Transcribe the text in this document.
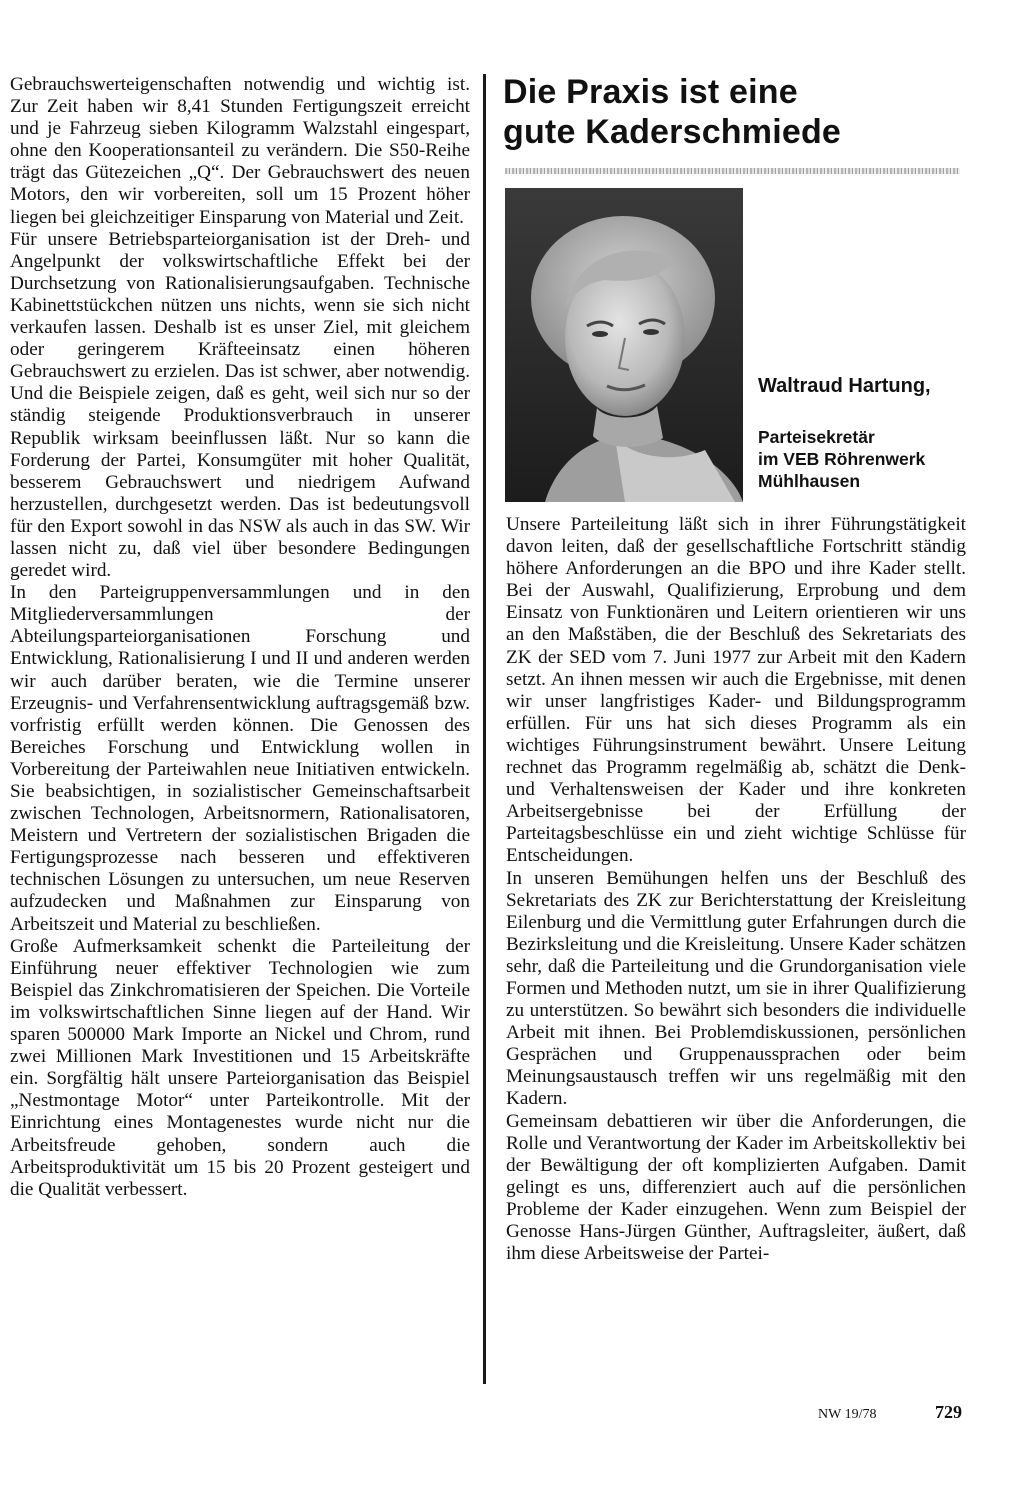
Gebrauchswerteigenschaften notwendig und wichtig ist. Zur Zeit haben wir 8,41 Stunden Fertigungszeit erreicht und je Fahrzeug sieben Kilogramm Walzstahl eingespart, ohne den Kooperationsanteil zu verändern. Die S50-Reihe trägt das Gütezeichen „Q“. Der Gebrauchswert des neuen Motors, den wir vorbereiten, soll um 15 Prozent höher liegen bei gleichzeitiger Einsparung von Material und Zeit.

Für unsere Betriebsparteiorganisation ist der Dreh- und Angelpunkt der volkswirtschaftliche Effekt bei der Durchsetzung von Rationalisierungsaufgaben. Technische Kabinettstückchen nützen uns nichts, wenn sie sich nicht verkaufen lassen. Deshalb ist es unser Ziel, mit gleichem oder geringerem Kräfteeinsatz einen höheren Gebrauchswert zu erzielen. Das ist schwer, aber notwendig. Und die Beispiele zeigen, daß es geht, weil sich nur so der ständig steigende Produktionsverbrauch in unserer Republik wirksam beeinflussen läßt. Nur so kann die Forderung der Partei, Konsumgüter mit hoher Qualität, besserem Gebrauchswert und niedrigem Aufwand herzustellen, durchgesetzt werden. Das ist bedeutungsvoll für den Export sowohl in das NSW als auch in das SW. Wir lassen nicht zu, daß viel über besondere Bedingungen geredet wird.

In den Parteigruppenversammlungen und in den Mitgliederversammlungen der Abteilungsparteiorganisationen Forschung und Entwicklung, Rationalisierung I und II und anderen werden wir auch darüber beraten, wie die Termine unserer Erzeugnis- und Verfahrensentwicklung auftragsgemäß bzw. vorfristig erfüllt werden können. Die Genossen des Bereiches Forschung und Entwicklung wollen in Vorbereitung der Parteiwahlen neue Initiativen entwickeln. Sie beabsichtigen, in sozialistischer Gemeinschaftsarbeit zwischen Technologen, Arbeitsnormern, Rationalisatoren, Meistern und Vertretern der sozialistischen Brigaden die Fertigungsprozesse nach besseren und effektiveren technischen Lösungen zu untersuchen, um neue Reserven aufzudecken und Maßnahmen zur Einsparung von Arbeitszeit und Material zu beschließen.

Große Aufmerksamkeit schenkt die Parteileitung der Einführung neuer effektiver Technologien wie zum Beispiel das Zinkchromatisieren der Speichen. Die Vorteile im volkswirtschaftlichen Sinne liegen auf der Hand. Wir sparen 500000 Mark Importe an Nickel und Chrom, rund zwei Millionen Mark Investitionen und 15 Arbeitskräfte ein. Sorgfältig hält unsere Parteiorganisation das Beispiel „Nestmontage Motor“ unter Parteikontrolle. Mit der Einrichtung eines Montagenestes wurde nicht nur die Arbeitsfreude gehoben, sondern auch die Arbeitsproduktivität um 15 bis 20 Prozent gesteigert und die Qualität verbessert.

Die Praxis ist eine
gute Kaderschmiede
Waltraud Hartung,
Parteisekretär
im VEB Röhrenwerk
Mühlhausen

Unsere Parteileitung läßt sich in ihrer Führungstätigkeit davon leiten, daß der gesellschaftliche Fortschritt ständig höhere Anforderungen an die BPO und ihre Kader stellt. Bei der Auswahl, Qualifizierung, Erprobung und dem Einsatz von Funktionären und Leitern orientieren wir uns an den Maßstäben, die der Beschluß des Sekretariats des ZK der SED vom 7. Juni 1977 zur Arbeit mit den Kadern setzt. An ihnen messen wir auch die Ergebnisse, mit denen wir unser langfristiges Kader- und Bildungsprogramm erfüllen. Für uns hat sich dieses Programm als ein wichtiges Führungsinstrument bewährt. Unsere Leitung rechnet das Programm regelmäßig ab, schätzt die Denk- und Verhaltensweisen der Kader und ihre konkreten Arbeitsergebnisse bei der Erfüllung der Parteitagsbeschlüsse ein und zieht wichtige Schlüsse für Entscheidungen.

In unseren Bemühungen helfen uns der Beschluß des Sekretariats des ZK zur Berichterstattung der Kreisleitung Eilenburg und die Vermittlung guter Erfahrungen durch die Bezirksleitung und die Kreisleitung. Unsere Kader schätzen sehr, daß die Parteileitung und die Grundorganisation viele Formen und Methoden nutzt, um sie in ihrer Qualifizierung zu unterstützen. So bewährt sich besonders die individuelle Arbeit mit ihnen. Bei Problemdiskussionen, persönlichen Gesprächen und Gruppenaussprachen oder beim Meinungsaustausch treffen wir uns regelmäßig mit den Kadern.

Gemeinsam debattieren wir über die Anforderungen, die Rolle und Verantwortung der Kader im Arbeitskollektiv bei der Bewältigung der oft komplizierten Aufgaben. Damit gelingt es uns, differenziert auch auf die persönlichen Probleme der Kader einzugehen. Wenn zum Beispiel der Genosse Hans-Jürgen Günther, Auftragsleiter, äußert, daß ihm diese Arbeitsweise der Partei-

NW 19/78	729
